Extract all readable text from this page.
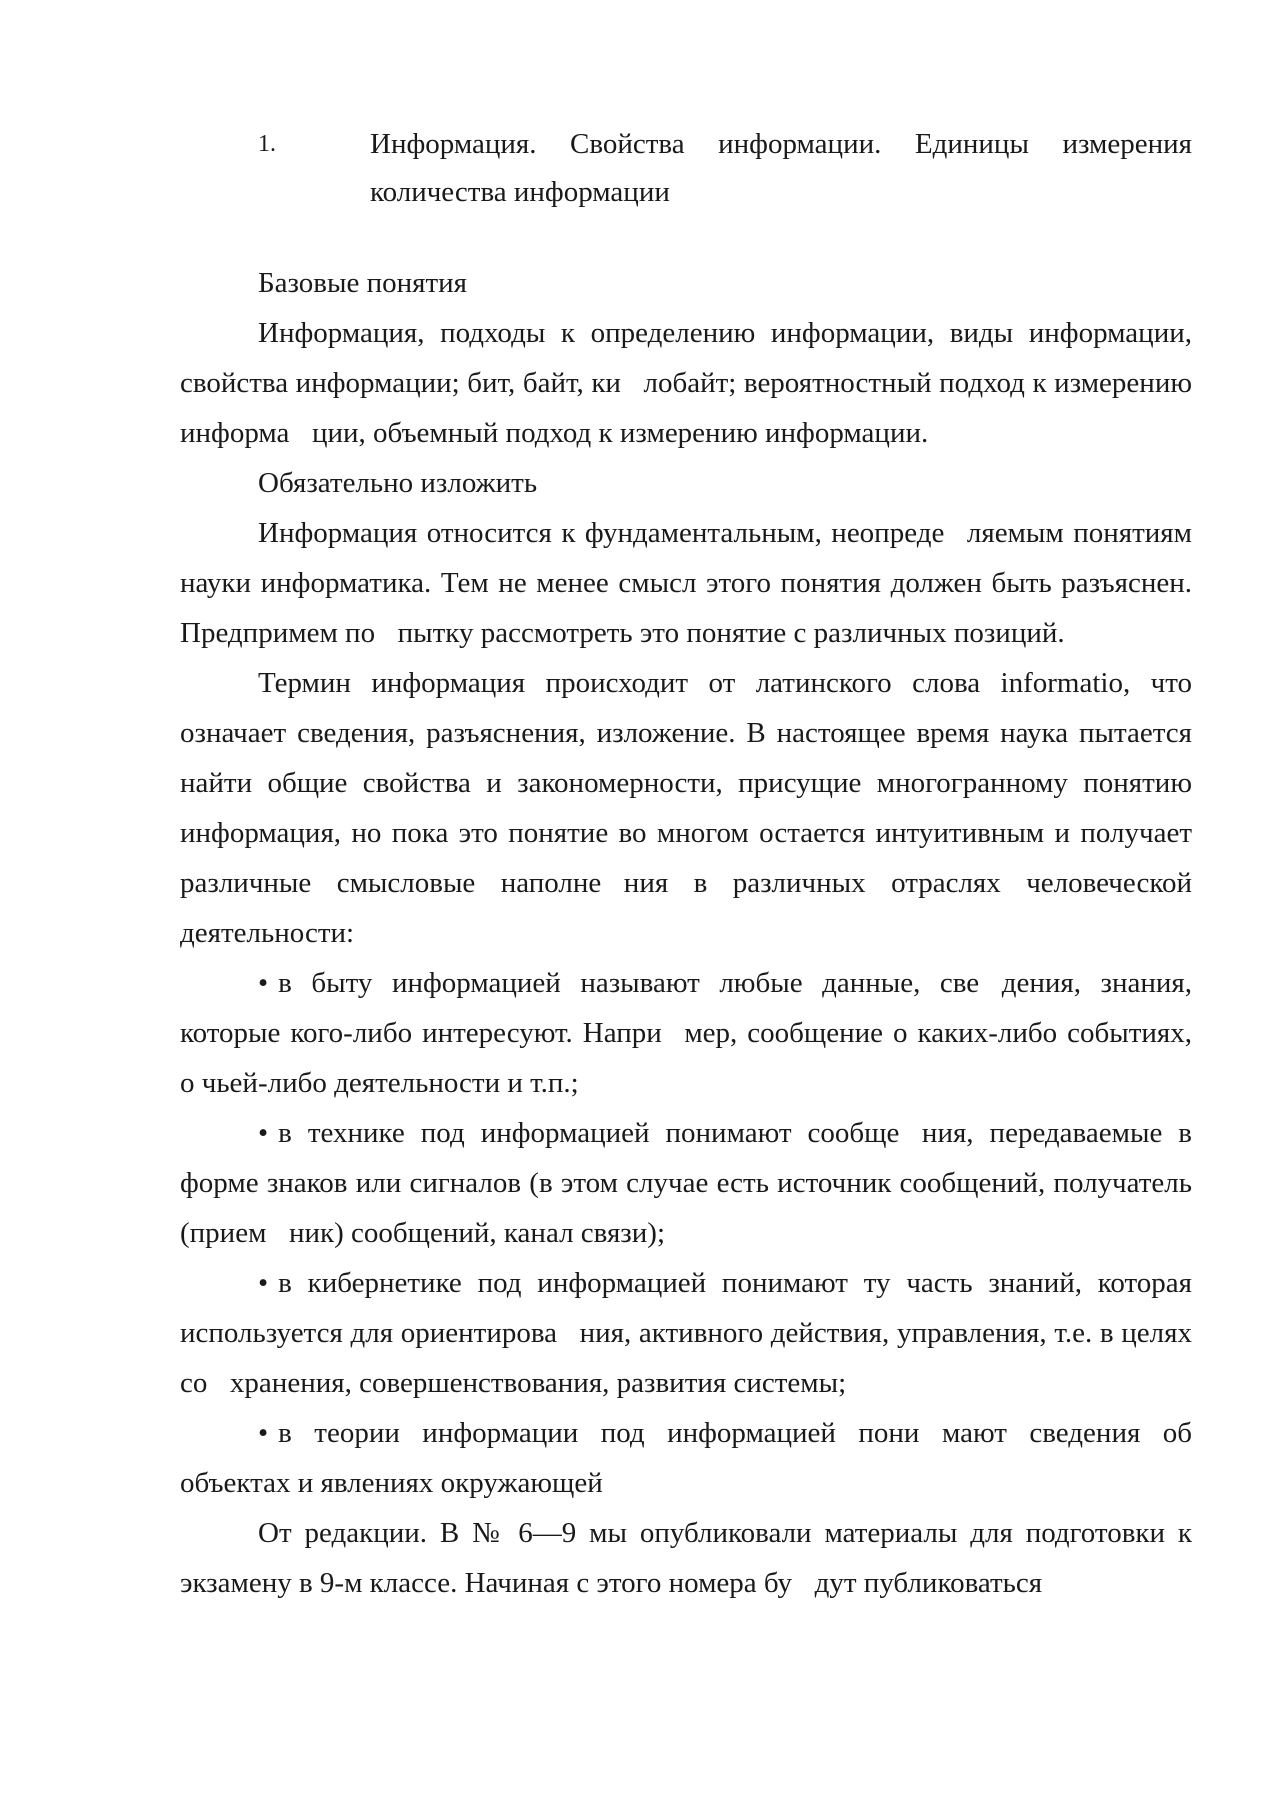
1.	Информация. Свойства информации. Единицы измерения количества информации

Базовые понятия

Информация, подходы к определению информации, виды информации, свойства информации; бит, байт, ки лобайт; вероятностный подход к измерению информа ции, объемный подход к измерению информации.

Обязательно изложить

Информация относится к фундаментальным, неопреде ляемым понятиям науки информатика. Тем не менее смысл этого понятия должен быть разъяснен. Предпримем по пытку рассмотреть это понятие с различных позиций.

Термин информация происходит от латинского слова informatio, что означает сведения, разъяснения, изложение. В настоящее время наука пытается найти общие свойства и закономерности, присущие многогранному понятию информация, но пока это понятие во многом остается интуитивным и получает различные смысловые наполне ния в различных отраслях человеческой деятельности:

• в быту информацией называют любые данные, све дения, знания, которые кого-либо интересуют. Напри мер, сообщение о каких-либо событиях, о чьей-либо деятельности и т.п.;

• в технике под информацией понимают сообще ния, передаваемые в форме знаков или сигналов (в этом случае есть источник сообщений, получатель (прием ник) сообщений, канал связи);

• в кибернетике под информацией понимают ту часть знаний, которая используется для ориентирова ния, активного действия, управления, т.е. в целях со хранения, совершенствования, развития системы;

• в теории информации под информацией пони мают сведения об объектах и явлениях окружающей

От редакции. В № 6—9 мы опубликовали материалы для подготовки к экзамену в 9-м классе. Начиная с этого номера бу дут публиковаться
